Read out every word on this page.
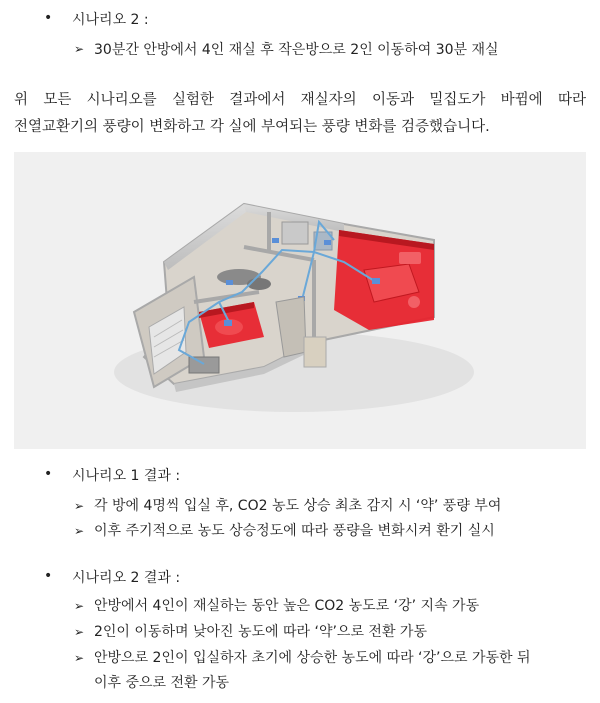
• 시나리오 2 :
➢ 30분간 안방에서 4인 재실 후 작은방으로 2인 이동하여 30분 재실
위 모든 시나리오를 실험한 결과에서 재실자의 이동과 밀집도가 바뀜에 따라
전열교환기의 풍량이 변화하고 각 실에 부여되는 풍량 변화를 검증했습니다.
• 시나리오 1 결과 :
➢ 각 방에 4명씩 입실 후, CO2 농도 상승 최초 감지 시 ‘약’ 풍량 부여
➢ 이후 주기적으로 농도 상승정도에 따라 풍량을 변화시켜 환기 실시
• 시나리오 2 결과 :
➢ 안방에서 4인이 재실하는 동안 높은 CO2 농도로 ‘강’ 지속 가동
➢ 2인이 이동하며 낮아진 농도에 따라 ‘약’으로 전환 가동
➢ 안방으로 2인이 입실하자 초기에 상승한 농도에 따라 ‘강’으로 가동한 뒤
이후 중으로 전환 가동
